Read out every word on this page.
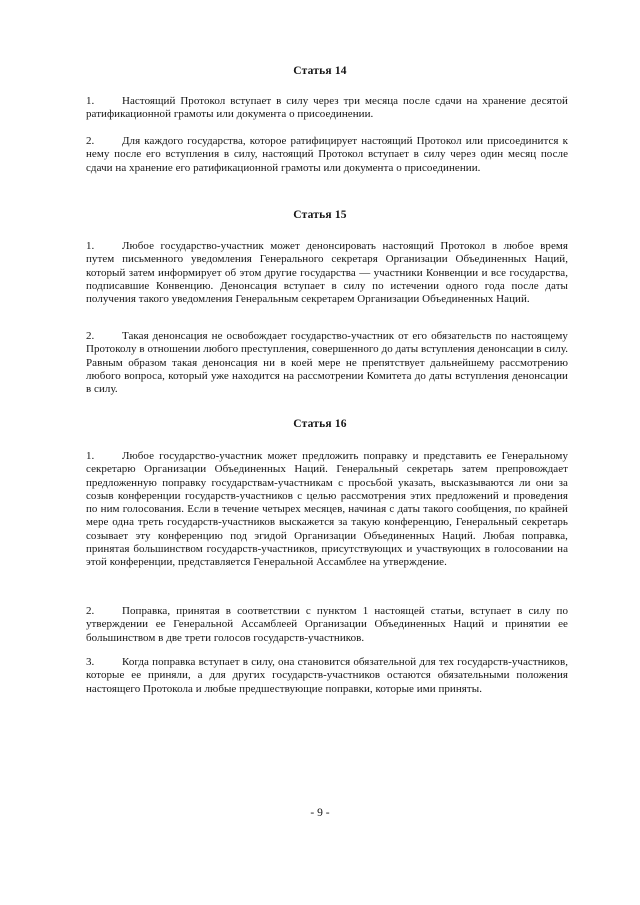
Статья 14
1.	Настоящий Протокол вступает в силу через три месяца после сдачи на хранение десятой ратификационной грамоты или документа о присоединении.
2.	Для каждого государства, которое ратифицирует настоящий Протокол или присоединится к нему после его вступления в силу, настоящий Протокол вступает в силу через один месяц после сдачи на хранение его ратификационной грамоты или документа о присоединении.
Статья 15
1.	Любое государство-участник может денонсировать настоящий Протокол в любое время путем письменного уведомления Генерального секретаря Организации Объединенных Наций, который затем информирует об этом другие государства — участники Конвенции и все государства, подписавшие Конвенцию. Денонсация вступает в силу по истечении одного года после даты получения такого уведомления Генеральным секретарем Организации Объединенных Наций.
2.	Такая денонсация не освобождает государство-участник от его обязательств по настоящему Протоколу в отношении любого преступления, совершенного до даты вступления денонсации в силу. Равным образом такая денонсация ни в коей мере не препятствует дальнейшему рассмотрению любого вопроса, который уже находится на рассмотрении Комитета до даты вступления денонсации в силу.
Статья 16
1.	Любое государство-участник может предложить поправку и представить ее Генеральному секретарю Организации Объединенных Наций. Генеральный секретарь затем препровождает предложенную поправку государствам-участникам с просьбой указать, высказываются ли они за созыв конференции государств-участников с целью рассмотрения этих предложений и проведения по ним голосования. Если в течение четырех месяцев, начиная с даты такого сообщения, по крайней мере одна треть государств-участников выскажется за такую конференцию, Генеральный секретарь созывает эту конференцию под эгидой Организации Объединенных Наций. Любая поправка, принятая большинством государств-участников, присутствующих и участвующих в голосовании на этой конференции, представляется Генеральной Ассамблее на утверждение.
2.	Поправка, принятая в соответствии с пунктом 1 настоящей статьи, вступает в силу по утверждении ее Генеральной Ассамблеей Организации Объединенных Наций и принятии ее большинством в две трети голосов государств-участников.
3.	Когда поправка вступает в силу, она становится обязательной для тех государств-участников, которые ее приняли, а для других государств-участников остаются обязательными положения настоящего Протокола и любые предшествующие поправки, которые ими приняты.
- 9 -
